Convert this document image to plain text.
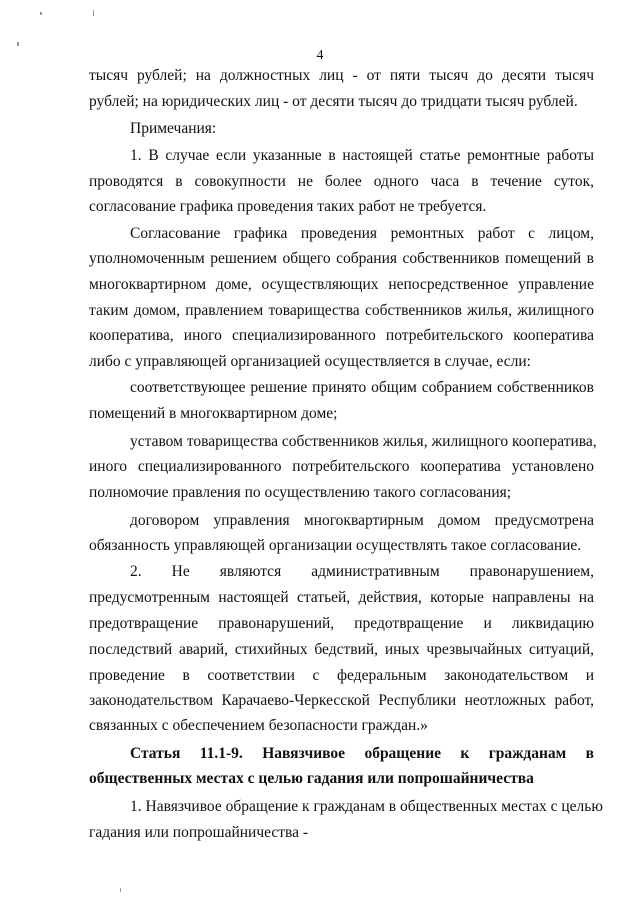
4
тысяч рублей; на должностных лиц - от пяти тысяч до десяти тысяч
рублей; на юридических лиц - от десяти тысяч до тридцати тысяч рублей.
Примечания:
1. В случае если указанные в настоящей статье ремонтные работы
проводятся в совокупности не более одного часа в течение суток,
согласование графика проведения таких работ не требуется.
Согласование графика проведения ремонтных работ с лицом,
уполномоченным решением общего собрания собственников помещений в
многоквартирном доме, осуществляющих непосредственное управление
таким домом, правлением товарищества собственников жилья, жилищного
кооператива, иного специализированного потребительского кооператива
либо с управляющей организацией осуществляется в случае, если:
соответствующее решение принято общим собранием собственников
помещений в многоквартирном доме;
уставом товарищества собственников жилья, жилищного кооператива,
иного специализированного потребительского кооператива установлено
полномочие правления по осуществлению такого согласования;
договором управления многоквартирным домом предусмотрена
обязанность управляющей организации осуществлять такое согласование.
2. Не являются административным правонарушением,
предусмотренным настоящей статьей, действия, которые направлены на
предотвращение правонарушений, предотвращение и ликвидацию
последствий аварий, стихийных бедствий, иных чрезвычайных ситуаций,
проведение в соответствии с федеральным законодательством и
законодательством Карачаево-Черкесской Республики неотложных работ,
связанных с обеспечением безопасности граждан.»
Статья 11.1-9. Навязчивое обращение к гражданам в
общественных местах с целью гадания или попрошайничества
1. Навязчивое обращение к гражданам в общественных местах с целью
гадания или попрошайничества -
